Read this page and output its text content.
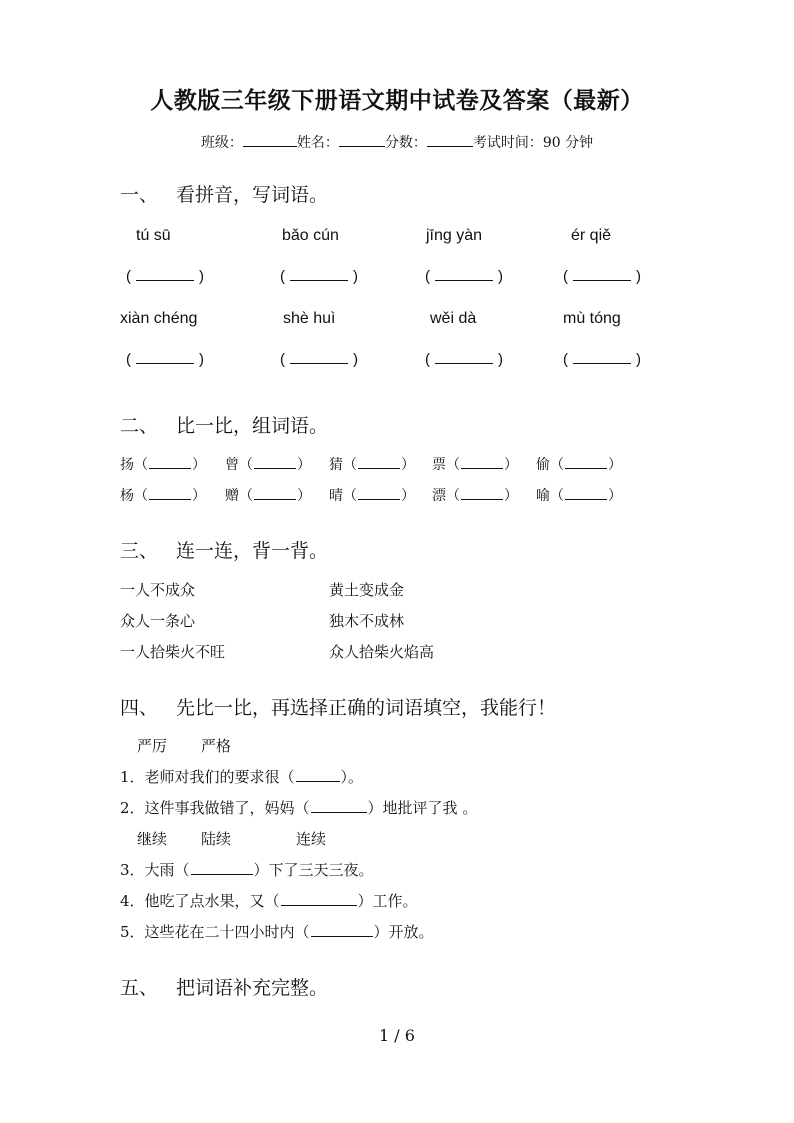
人教版三年级下册语文期中试卷及答案（最新）
班级：	姓名：	分数：	考试时间：90 分钟
一、 看拼音，写词语。
tú sū	bǎo cún	jīng yàn	ér qiě
(	)	(	)	(	)	(	)
xiàn chéng	shè huì	wěi dà	mù tóng
(	)	(	)	(	)	(	)
二、 比一比，组词语。
扬（	） 曾（	） 猜（	） 票（	） 偷（	）
杨（	） 赠（	） 晴（	） 漂（	） 喻（	）
三、 连一连，背一背。
一人不成众
众人一条心
一人拾柴火不旺
黄土变成金
独木不成林
众人拾柴火焰高
四、 先比一比，再选择正确的词语填空，我能行！
严厉 严格
1．老师对我们的要求很（	）。
2．这件事我做错了，妈妈（	）地批评了我 。
继续 陆续	连续
3．大雨（	）下了三天三夜。
4．他吃了点水果，又（	）工作。
5．这些花在二十四小时内（	）开放。
五、 把词语补充完整。
1 / 6
